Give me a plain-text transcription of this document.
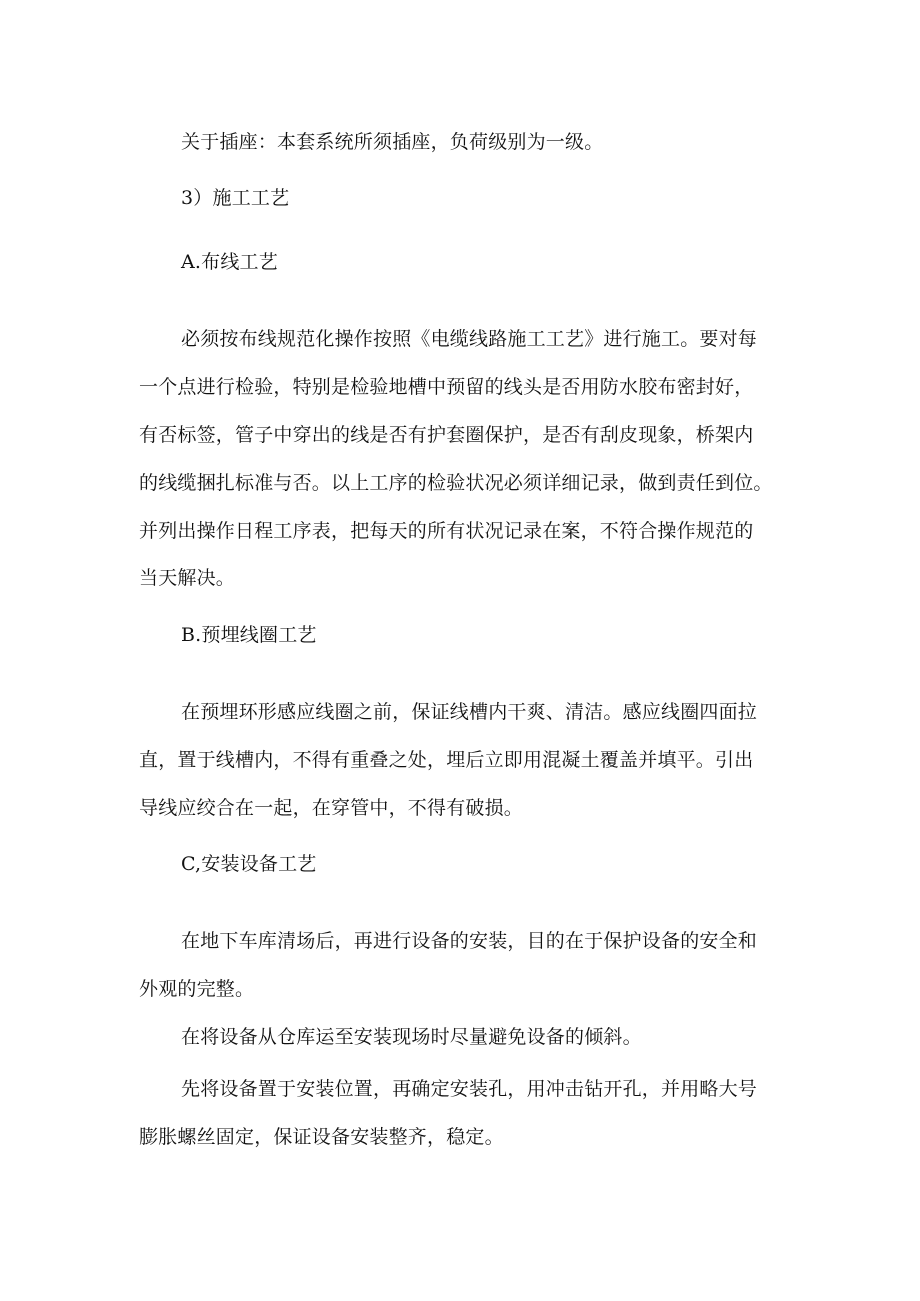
关于插座：本套系统所须插座，负荷级别为一级。
3）施工工艺
A.布线工艺
必须按布线规范化操作按照《电缆线路施工工艺》进行施工。要对每
一个点进行检验，特别是检验地槽中预留的线头是否用防水胶布密封好，
有否标签，管子中穿出的线是否有护套圈保护，是否有刮皮现象，桥架内
的线缆捆扎标准与否。以上工序的检验状况必须详细记录，做到责任到位。
并列出操作日程工序表，把每天的所有状况记录在案，不符合操作规范的
当天解决。
B.预埋线圈工艺
在预埋环形感应线圈之前，保证线槽内干爽、清洁。感应线圈四面拉
直，置于线槽内，不得有重叠之处，埋后立即用混凝土覆盖并填平。引出
导线应绞合在一起，在穿管中，不得有破损。
C,安装设备工艺
在地下车库清场后，再进行设备的安装，目的在于保护设备的安全和
外观的完整。
在将设备从仓库运至安装现场时尽量避免设备的倾斜。
先将设备置于安装位置，再确定安装孔，用冲击钻开孔，并用略大号
膨胀螺丝固定，保证设备安装整齐，稳定。
